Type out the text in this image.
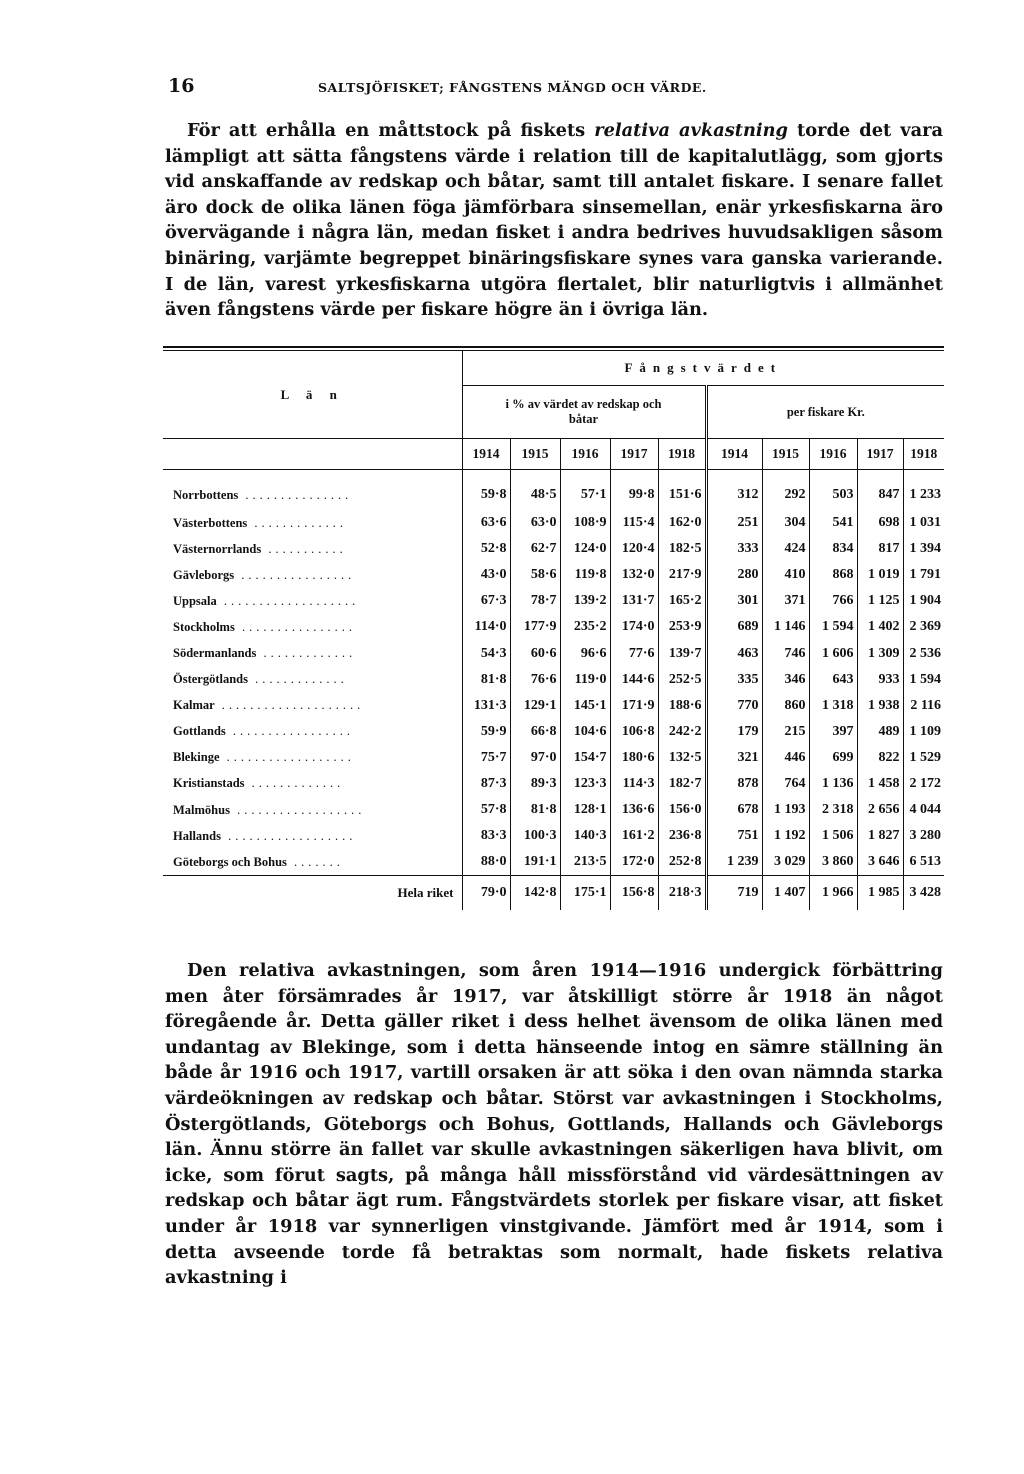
16	SALTSJÖFISKET; FÅNGSTENS MÄNGD OCH VÄRDE.

För att erhålla en måttstock på fiskets relativa avkastning torde det vara lämpligt att sätta fångstens värde i relation till de kapitalutlägg, som gjorts vid anskaffande av redskap och båtar, samt till antalet fiskare. I senare fallet äro dock de olika länen föga jämförbara sinsemellan, enär yrkesfiskarna äro övervägande i några län, medan fisket i andra bedrives huvudsakligen såsom binäring, varjämte begreppet binäringsfiskare synes vara ganska varierande. I de län, varest yrkesfiskarna utgöra flertalet, blir naturligtvis i allmänhet även fångstens värde per fiskare högre än i övriga län.

L ä n	Fångstvärdet									
	i % av värdet av redskap och båtar					per fiskare Kr.				
	1914	1915	1916	1917	1918	1914	1915	1916	1917	1918
Norrbottens ...............	59·8	48·5	57·1	99·8	151·6	312	292	503	847	1 233
Västerbottens .............	63·6	63·0	108·9	115·4	162·0	251	304	541	698	1 031
Västernorrlands ...........	52·8	62·7	124·0	120·4	182·5	333	424	834	817	1 394
Gävleborgs ................	43·0	58·6	119·8	132·0	217·9	280	410	868	1 019	1 791
Uppsala ...................	67·3	78·7	139·2	131·7	165·2	301	371	766	1 125	1 904
Stockholms ................	114·0	177·9	235·2	174·0	253·9	689	1 146	1 594	1 402	2 369
Södermanlands .............	54·3	60·6	96·6	77·6	139·7	463	746	1 606	1 309	2 536
Östergötlands .............	81·8	76·6	119·0	144·6	252·5	335	346	643	933	1 594
Kalmar ....................	131·3	129·1	145·1	171·9	188·6	770	860	1 318	1 938	2 116
Gottlands .................	59·9	66·8	104·6	106·8	242·2	179	215	397	489	1 109
Blekinge ..................	75·7	97·0	154·7	180·6	132·5	321	446	699	822	1 529
Kristianstads .............	87·3	89·3	123·3	114·3	182·7	878	764	1 136	1 458	2 172
Malmöhus ..................	57·8	81·8	128·1	136·6	156·0	678	1 193	2 318	2 656	4 044
Hallands ..................	83·3	100·3	140·3	161·2	236·8	751	1 192	1 506	1 827	3 280
Göteborgs och Bohus .......	88·0	191·1	213·5	172·0	252·8	1 239	3 029	3 860	3 646	6 513
Hela riket	79·0	142·8	175·1	156·8	218·3	719	1 407	1 966	1 985	3 428

Den relativa avkastningen, som åren 1914—1916 undergick förbättring men åter försämrades år 1917, var åtskilligt större år 1918 än något föregående år. Detta gäller riket i dess helhet ävensom de olika länen med undantag av Blekinge, som i detta hänseende intog en sämre ställning än både år 1916 och 1917, vartill orsaken är att söka i den ovan nämnda starka värdeökningen av redskap och båtar. Störst var avkastningen i Stockholms, Östergötlands, Göteborgs och Bohus, Gottlands, Hallands och Gävleborgs län. Ännu större än fallet var skulle avkastningen säkerligen hava blivit, om icke, som förut sagts, på många håll missförstånd vid värdesättningen av redskap och båtar ägt rum. Fångstvärdets storlek per fiskare visar, att fisket under år 1918 var synnerligen vinstgivande. Jämfört med år 1914, som i detta avseende torde få betraktas som normalt, hade fiskets relativa avkastning i
